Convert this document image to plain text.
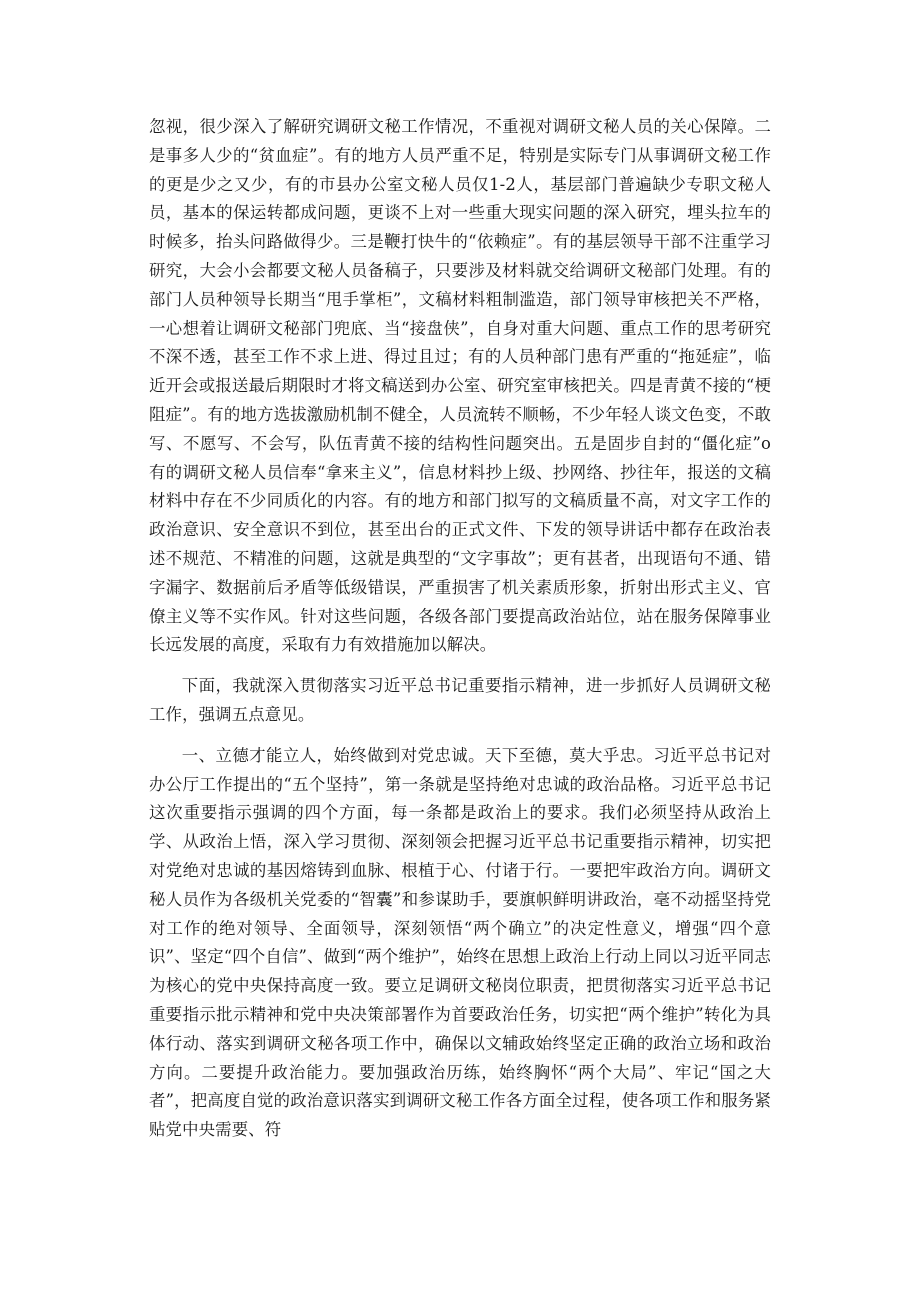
忽视，很少深入了解研究调研文秘工作情况，不重视对调研文秘人员的关心保障。二是事多人少的“贫血症”。有的地方人员严重不足，特别是实际专门从事调研文秘工作的更是少之又少，有的市县办公室文秘人员仅1-2人，基层部门普遍缺少专职文秘人员，基本的保运转都成问题，更谈不上对一些重大现实问题的深入研究，埋头拉车的时候多，抬头问路做得少。三是鞭打快牛的“依赖症”。有的基层领导干部不注重学习研究，大会小会都要文秘人员备稿子，只要涉及材料就交给调研文秘部门处理。有的部门人员种领导长期当“甩手掌柜”，文稿材料粗制滥造，部门领导审核把关不严格，一心想着让调研文秘部门兜底、当“接盘侠”，自身对重大问题、重点工作的思考研究不深不透，甚至工作不求上进、得过且过；有的人员种部门患有严重的“拖延症”，临近开会或报送最后期限时才将文稿送到办公室、研究室审核把关。四是青黄不接的“梗阻症”。有的地方选拔激励机制不健全，人员流转不顺畅，不少年轻人谈文色变，不敢写、不愿写、不会写，队伍青黄不接的结构性问题突出。五是固步自封的“僵化症”o有的调研文秘人员信奉“拿来主义”，信息材料抄上级、抄网络、抄往年，报送的文稿材料中存在不少同质化的内容。有的地方和部门拟写的文稿质量不高，对文字工作的政治意识、安全意识不到位，甚至出台的正式文件、下发的领导讲话中都存在政治表述不规范、不精准的问题，这就是典型的“文字事故”；更有甚者，出现语句不通、错字漏字、数据前后矛盾等低级错误，严重损害了机关素质形象，折射出形式主义、官僚主义等不实作风。针对这些问题，各级各部门要提高政治站位，站在服务保障事业长远发展的高度，采取有力有效措施加以解决。

下面，我就深入贯彻落实习近平总书记重要指示精神，进一步抓好人员调研文秘工作，强调五点意见。

一、立德才能立人，始终做到对党忠诚。天下至德，莫大乎忠。习近平总书记对办公厅工作提出的“五个坚持”，第一条就是坚持绝对忠诚的政治品格。习近平总书记这次重要指示强调的四个方面，每一条都是政治上的要求。我们必须坚持从政治上学、从政治上悟，深入学习贯彻、深刻领会把握习近平总书记重要指示精神，切实把对党绝对忠诚的基因熔铸到血脉、根植于心、付诸于行。一要把牢政治方向。调研文秘人员作为各级机关党委的“智囊”和参谋助手，要旗帜鲜明讲政治，毫不动摇坚持党对工作的绝对领导、全面领导，深刻领悟“两个确立”的决定性意义，增强“四个意识”、坚定“四个自信”、做到“两个维护”，始终在思想上政治上行动上同以习近平同志为核心的党中央保持高度一致。要立足调研文秘岗位职责，把贯彻落实习近平总书记重要指示批示精神和党中央决策部署作为首要政治任务，切实把“两个维护”转化为具体行动、落实到调研文秘各项工作中，确保以文辅政始终坚定正确的政治立场和政治方向。二要提升政治能力。要加强政治历练，始终胸怀“两个大局”、牢记“国之大者”，把高度自觉的政治意识落实到调研文秘工作各方面全过程，使各项工作和服务紧贴党中央需要、符
